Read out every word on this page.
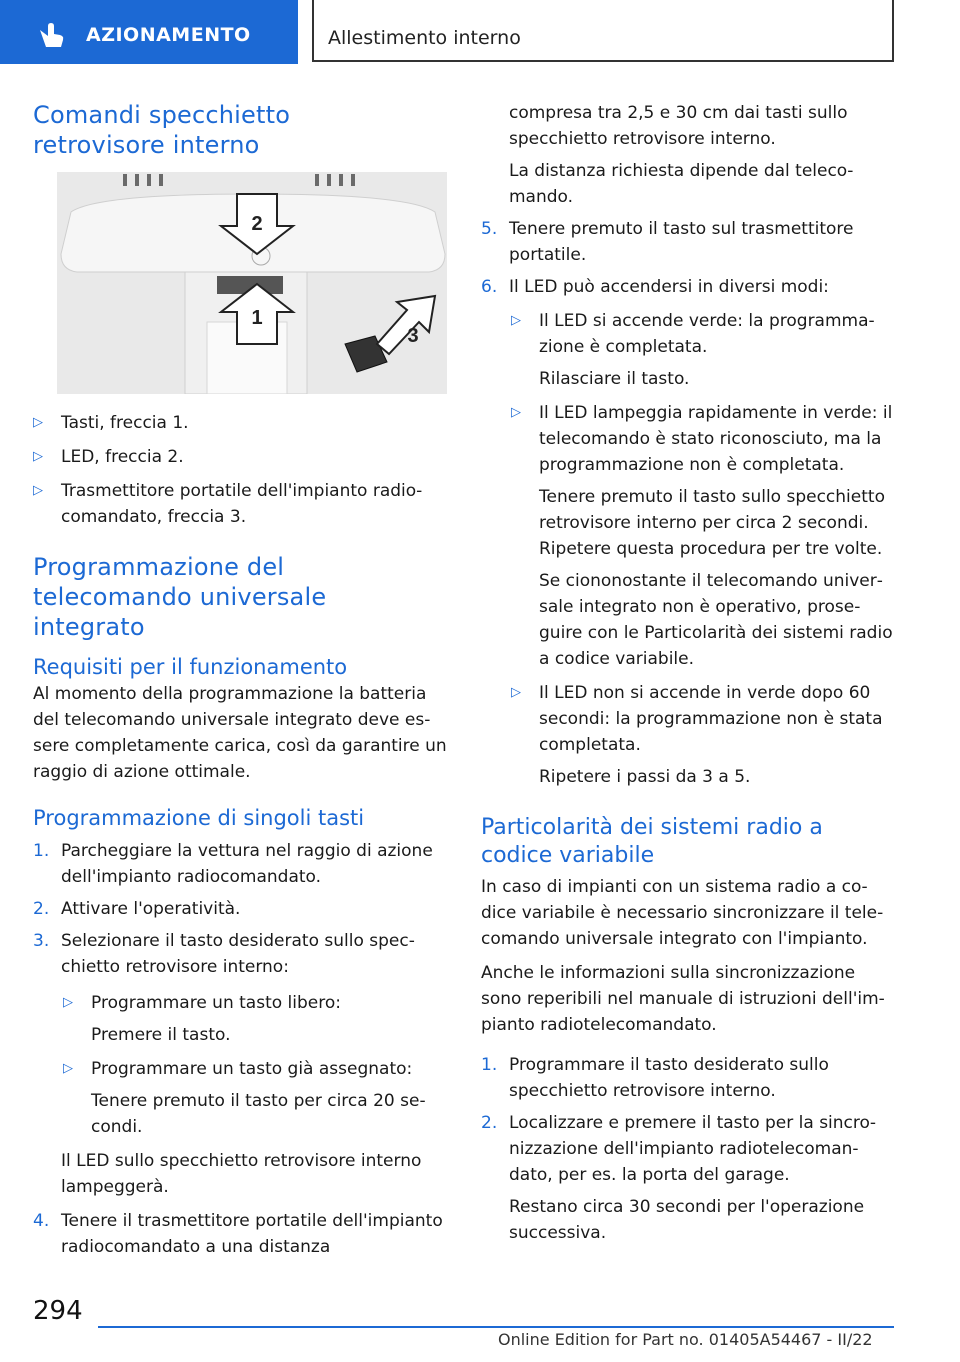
AZIONAMENTO	Allestimento interno
Comandi specchietto retrovisore interno
2
1
3
▷ Tasti, freccia 1.
▷ LED, freccia 2.
▷ Trasmettitore portatile dell'impianto radiocomandato, freccia 3.
Programmazione del telecomando universale integrato
Requisiti per il funzionamento

Al momento della programmazione la batteria del telecomando universale integrato deve essere completamente carica, così da garantire un raggio di azione ottimale.

Programmazione di singoli tasti
1. Parcheggiare la vettura nel raggio di azione dell'impianto radiocomandato.
2. Attivare l'operatività.
3. Selezionare il tasto desiderato sullo specchietto retrovisore interno:
▷ Programmare un tasto libero:

Premere il tasto.

▷ Programmare un tasto già assegnato:

Tenere premuto il tasto per circa 20 secondi.

Il LED sullo specchietto retrovisore interno lampeggerà.

4. Tenere il trasmettitore portatile dell'impianto radiocomandato a una distanza

compresa tra 2,5 e 30 cm dai tasti sullo specchietto retrovisore interno.

La distanza richiesta dipende dal telecomando.

5. Tenere premuto il tasto sul trasmettitore portatile.
6. Il LED può accendersi in diversi modi:
▷ Il LED si accende verde: la programmazione è completata.

Rilasciare il tasto.

▷ Il LED lampeggia rapidamente in verde: il telecomando è stato riconosciuto, ma la programmazione non è completata.

Tenere premuto il tasto sullo specchietto retrovisore interno per circa 2 secondi. Ripetere questa procedura per tre volte.

Se ciononostante il telecomando universale integrato non è operativo, proseguire con le Particolarità dei sistemi radio a codice variabile.

▷ Il LED non si accende in verde dopo 60 secondi: la programmazione non è stata completata.

Ripetere i passi da 3 a 5.

Particolarità dei sistemi radio a codice variabile

In caso di impianti con un sistema radio a codice variabile è necessario sincronizzare il telecomando universale integrato con l'impianto.

Anche le informazioni sulla sincronizzazione sono reperibili nel manuale di istruzioni dell'impianto radiotelecomandato.

1. Programmare il tasto desiderato sullo specchietto retrovisore interno.
2. Localizzare e premere il tasto per la sincronizzazione dell'impianto radiotelecomandato, per es. la porta del garage.

Restano circa 30 secondi per l'operazione successiva.

294
Online Edition for Part no. 01405A54467 - II/22
